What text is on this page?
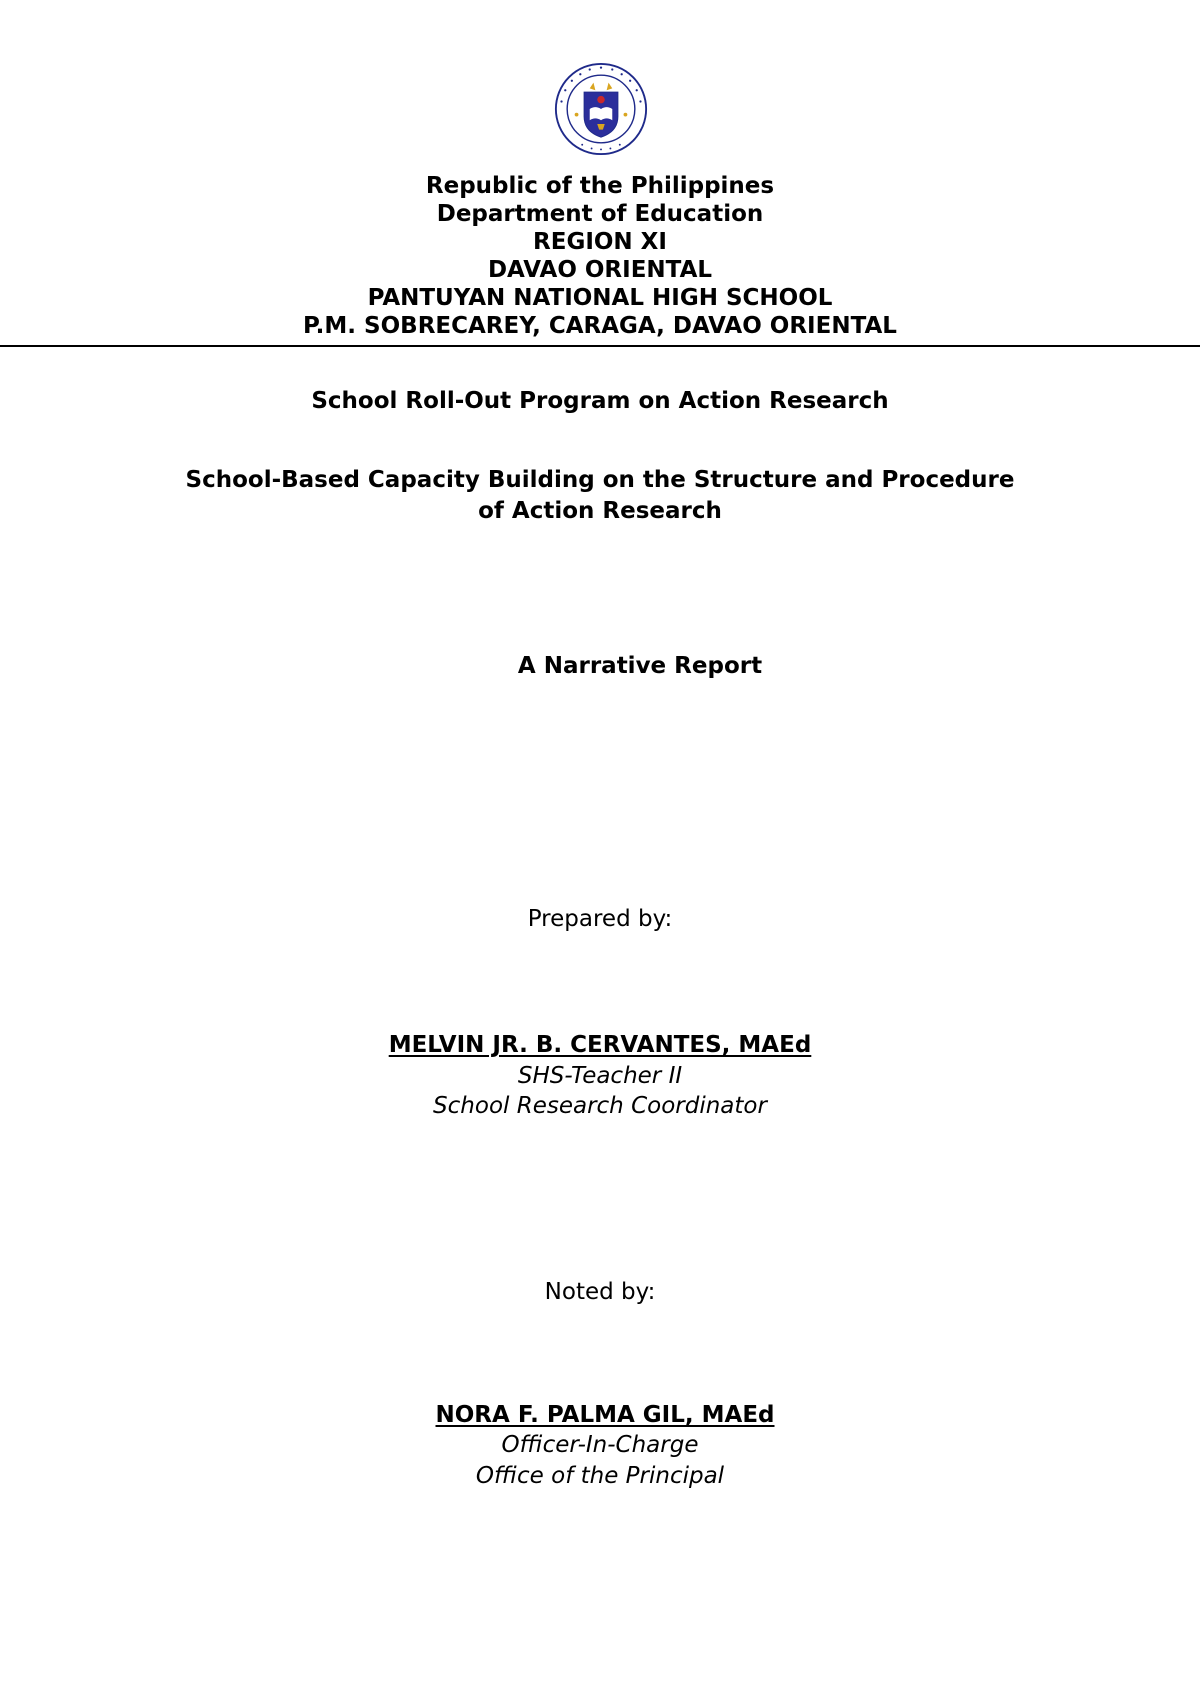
Republic of the Philippines
Department of Education
REGION XI
DAVAO ORIENTAL
PANTUYAN NATIONAL HIGH SCHOOL
P.M. SOBRECAREY, CARAGA, DAVAO ORIENTAL
School Roll-Out Program on Action Research
School-Based Capacity Building on the Structure and Procedure
of Action Research
A Narrative Report
Prepared by:
MELVIN JR. B. CERVANTES, MAEd
SHS-Teacher II
School Research Coordinator
Noted by:
NORA F. PALMA GIL, MAEd
Officer-In-Charge
Office of the Principal
